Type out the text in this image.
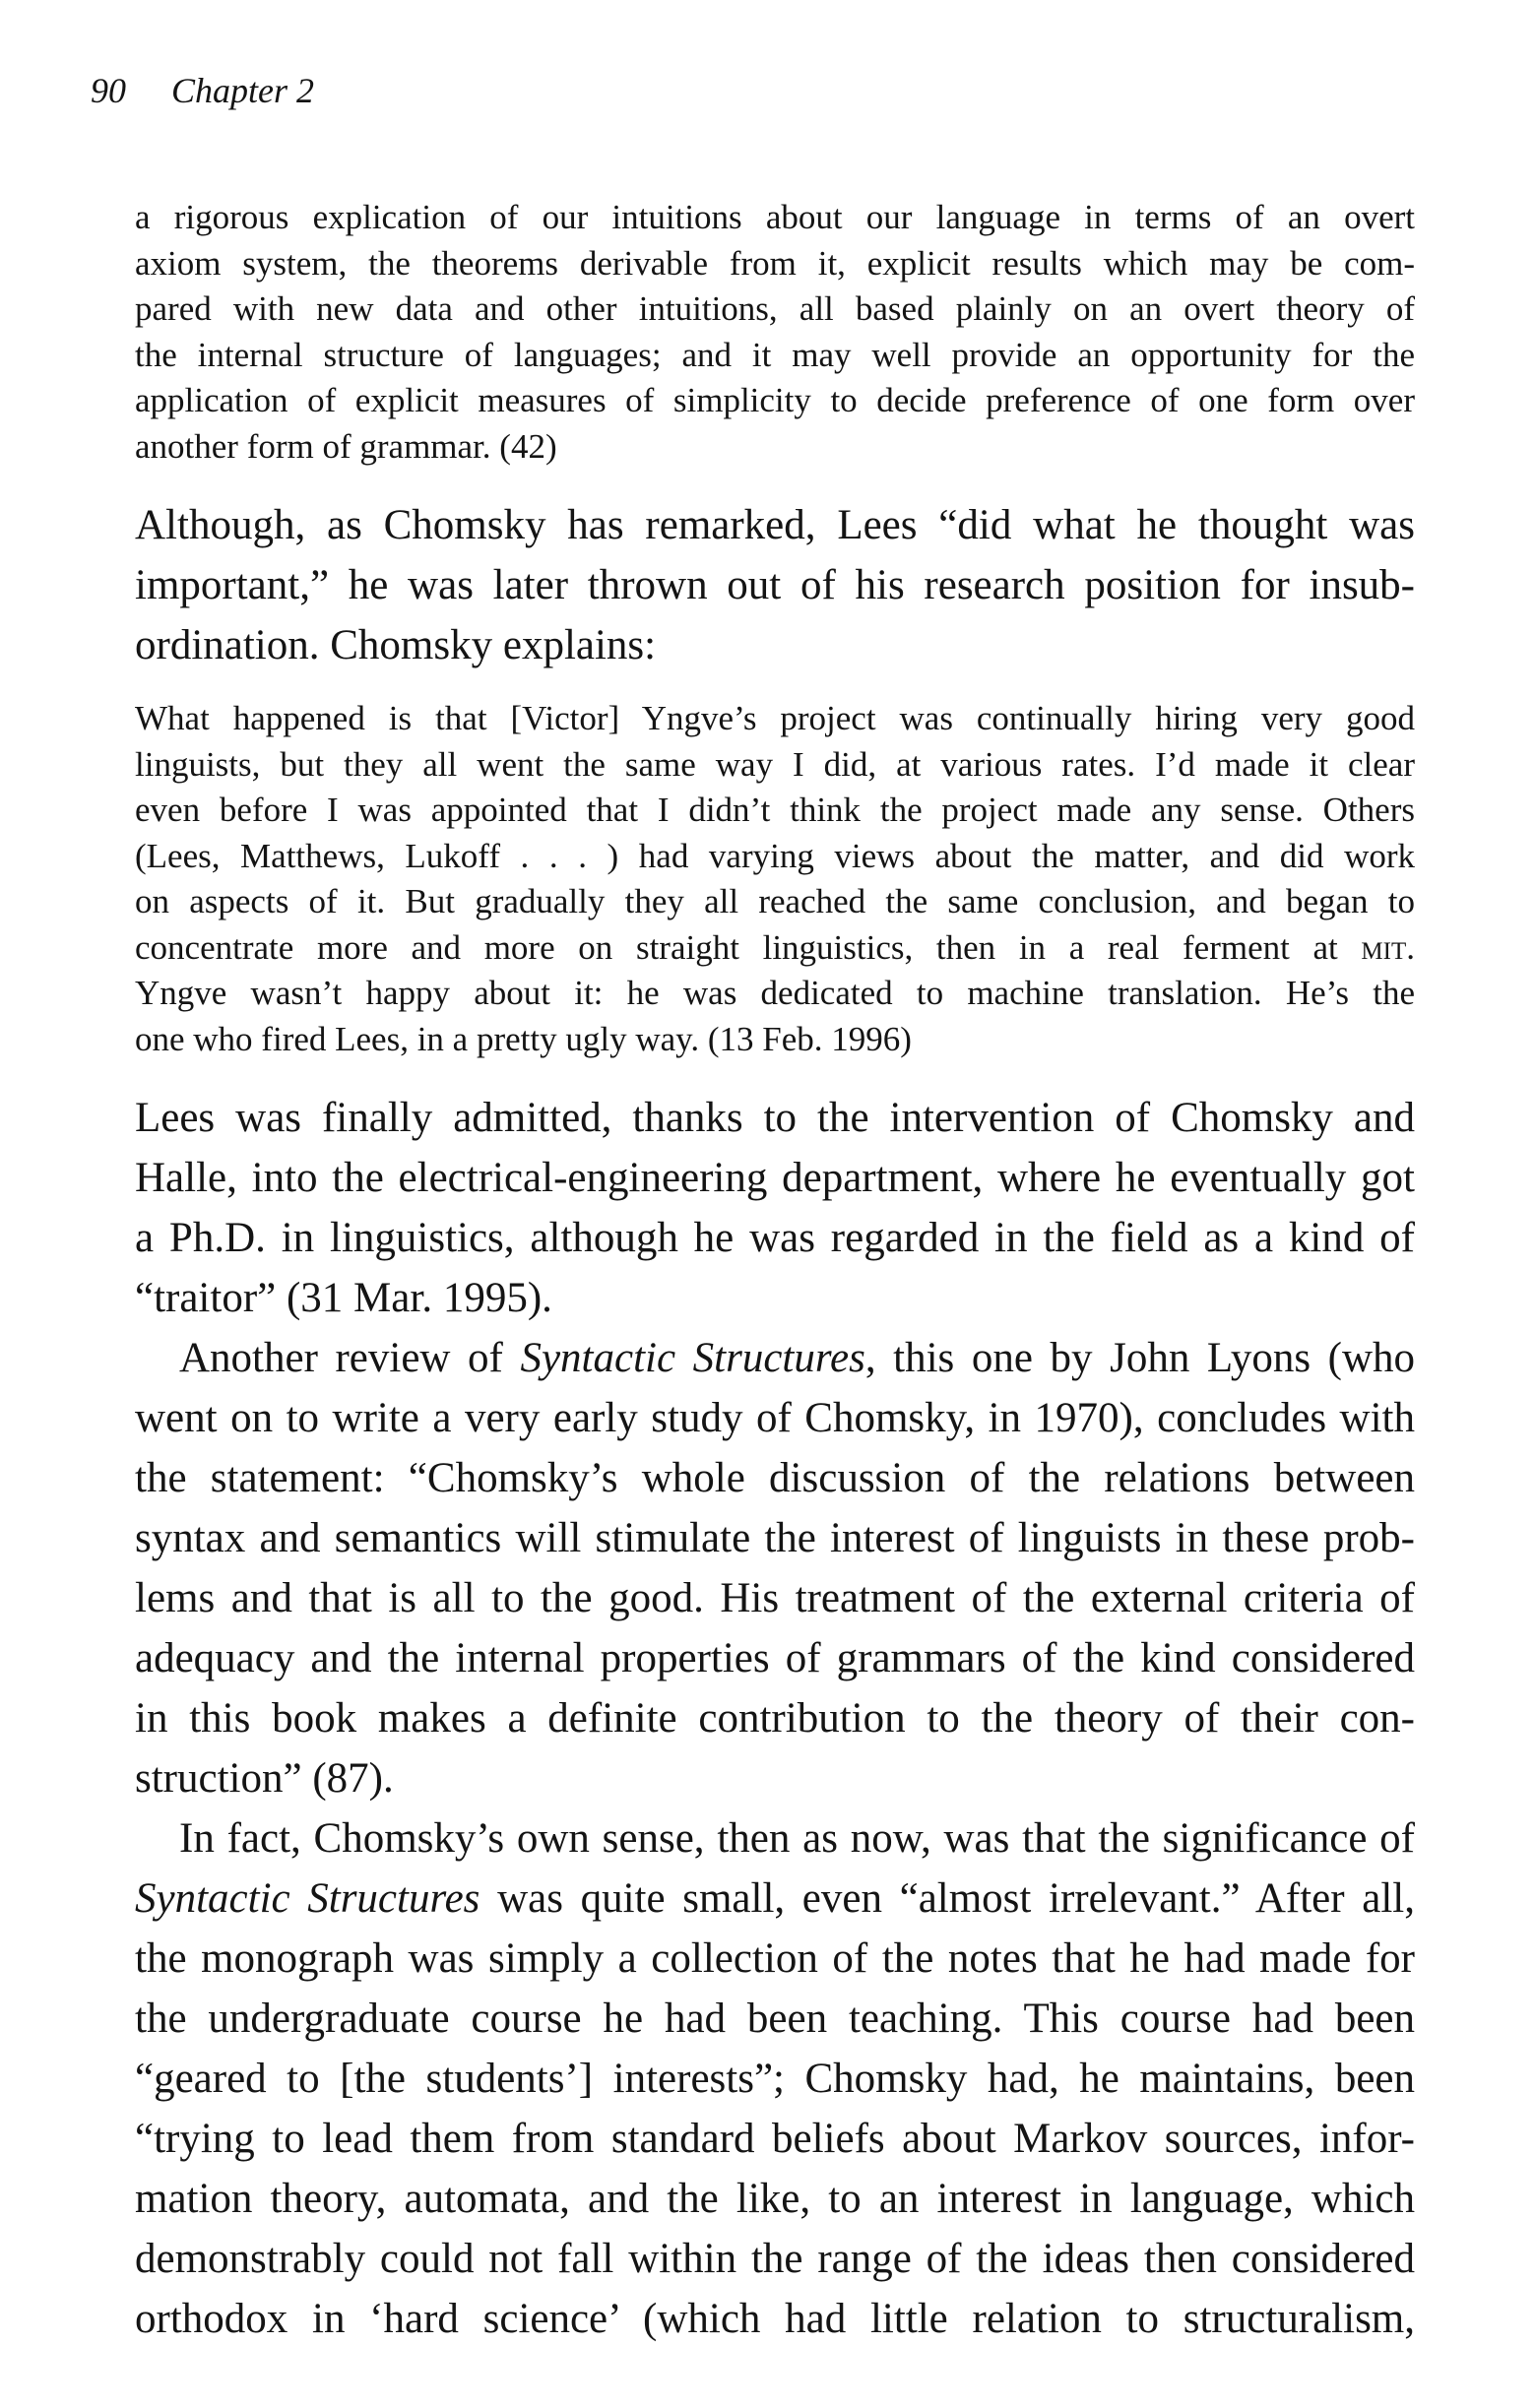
90 Chapter 2
a rigorous explication of our intuitions about our language in terms of an overt
axiom system, the theorems derivable from it, explicit results which may be com-
pared with new data and other intuitions, all based plainly on an overt theory of
the internal structure of languages; and it may well provide an opportunity for the
application of explicit measures of simplicity to decide preference of one form over
another form of grammar. (42)
Although, as Chomsky has remarked, Lees “did what he thought was
important,” he was later thrown out of his research position for insub-
ordination. Chomsky explains:
What happened is that [Victor] Yngve’s project was continually hiring very good
linguists, but they all went the same way I did, at various rates. I’d made it clear
even before I was appointed that I didn’t think the project made any sense. Others
(Lees, Matthews, Lukoff . . . ) had varying views about the matter, and did work
on aspects of it. But gradually they all reached the same conclusion, and began to
concentrate more and more on straight linguistics, then in a real ferment at mit.
Yngve wasn’t happy about it: he was dedicated to machine translation. He’s the
one who fired Lees, in a pretty ugly way. (13 Feb. 1996)
Lees was finally admitted, thanks to the intervention of Chomsky and
Halle, into the electrical-engineering department, where he eventually got
a Ph.D. in linguistics, although he was regarded in the field as a kind of
“traitor” (31 Mar. 1995).
Another review of Syntactic Structures, this one by John Lyons (who
went on to write a very early study of Chomsky, in 1970), concludes with
the statement: “Chomsky’s whole discussion of the relations between
syntax and semantics will stimulate the interest of linguists in these prob-
lems and that is all to the good. His treatment of the external criteria of
adequacy and the internal properties of grammars of the kind considered
in this book makes a definite contribution to the theory of their con-
struction” (87).
In fact, Chomsky’s own sense, then as now, was that the significance of
Syntactic Structures was quite small, even “almost irrelevant.” After all,
the monograph was simply a collection of the notes that he had made for
the undergraduate course he had been teaching. This course had been
“geared to [the students’] interests”; Chomsky had, he maintains, been
“trying to lead them from standard beliefs about Markov sources, infor-
mation theory, automata, and the like, to an interest in language, which
demonstrably could not fall within the range of the ideas then considered
orthodox in ‘hard science’ (which had little relation to structuralism,
